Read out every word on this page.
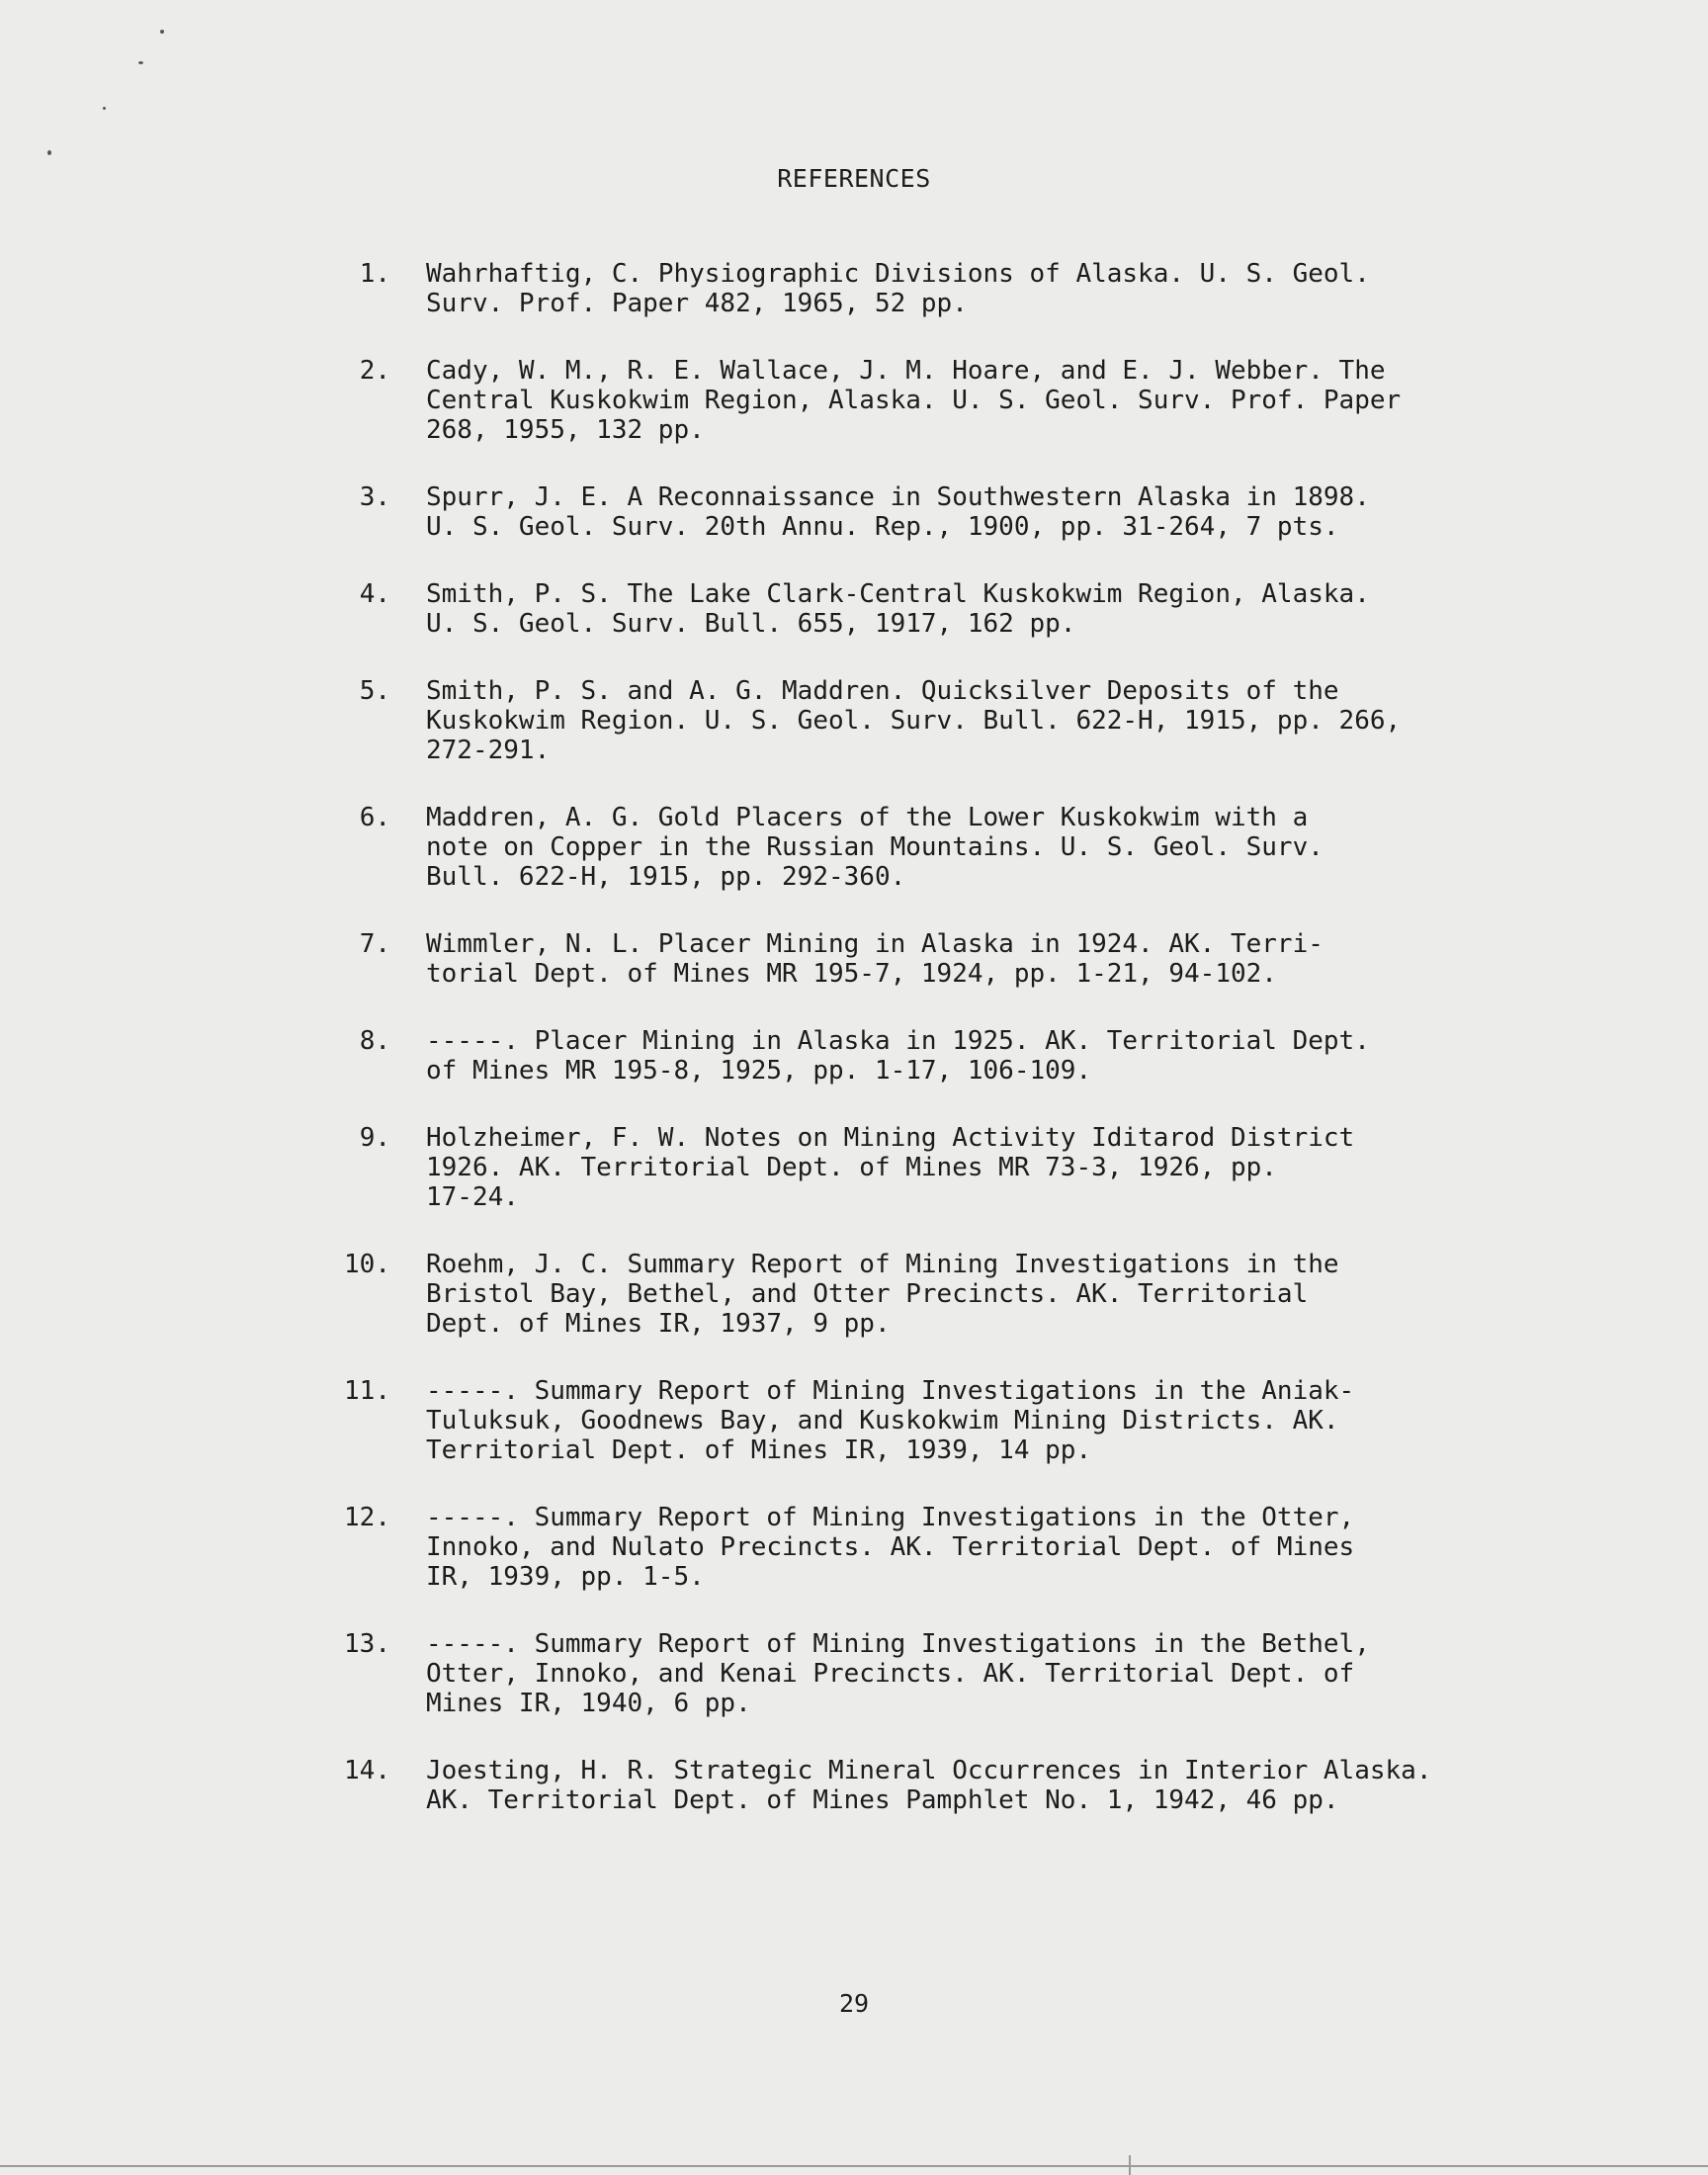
REFERENCES
1.	Wahrhaftig, C. Physiographic Divisions of Alaska. U. S. Geol.
Surv. Prof. Paper 482, 1965, 52 pp.
2.	Cady, W. M., R. E. Wallace, J. M. Hoare, and E. J. Webber. The
Central Kuskokwim Region, Alaska. U. S. Geol. Surv. Prof. Paper
268, 1955, 132 pp.
3.	Spurr, J. E. A Reconnaissance in Southwestern Alaska in 1898.
U. S. Geol. Surv. 20th Annu. Rep., 1900, pp. 31-264, 7 pts.
4.	Smith, P. S. The Lake Clark-Central Kuskokwim Region, Alaska.
U. S. Geol. Surv. Bull. 655, 1917, 162 pp.
5.	Smith, P. S. and A. G. Maddren. Quicksilver Deposits of the
Kuskokwim Region. U. S. Geol. Surv. Bull. 622-H, 1915, pp. 266,
272-291.
6.	Maddren, A. G. Gold Placers of the Lower Kuskokwim with a
note on Copper in the Russian Mountains. U. S. Geol. Surv.
Bull. 622-H, 1915, pp. 292-360.
7.	Wimmler, N. L. Placer Mining in Alaska in 1924. AK. Terri-
torial Dept. of Mines MR 195-7, 1924, pp. 1-21, 94-102.
8.	-----. Placer Mining in Alaska in 1925. AK. Territorial Dept.
of Mines MR 195-8, 1925, pp. 1-17, 106-109.
9.	Holzheimer, F. W. Notes on Mining Activity Iditarod District
1926. AK. Territorial Dept. of Mines MR 73-3, 1926, pp.
17-24.
10.	Roehm, J. C. Summary Report of Mining Investigations in the
Bristol Bay, Bethel, and Otter Precincts. AK. Territorial
Dept. of Mines IR, 1937, 9 pp.
11.	-----. Summary Report of Mining Investigations in the Aniak-
Tuluksuk, Goodnews Bay, and Kuskokwim Mining Districts. AK.
Territorial Dept. of Mines IR, 1939, 14 pp.
12.	-----. Summary Report of Mining Investigations in the Otter,
Innoko, and Nulato Precincts. AK. Territorial Dept. of Mines
IR, 1939, pp. 1-5.
13.	-----. Summary Report of Mining Investigations in the Bethel,
Otter, Innoko, and Kenai Precincts. AK. Territorial Dept. of
Mines IR, 1940, 6 pp.
14.	Joesting, H. R. Strategic Mineral Occurrences in Interior Alaska.
AK. Territorial Dept. of Mines Pamphlet No. 1, 1942, 46 pp.
29
